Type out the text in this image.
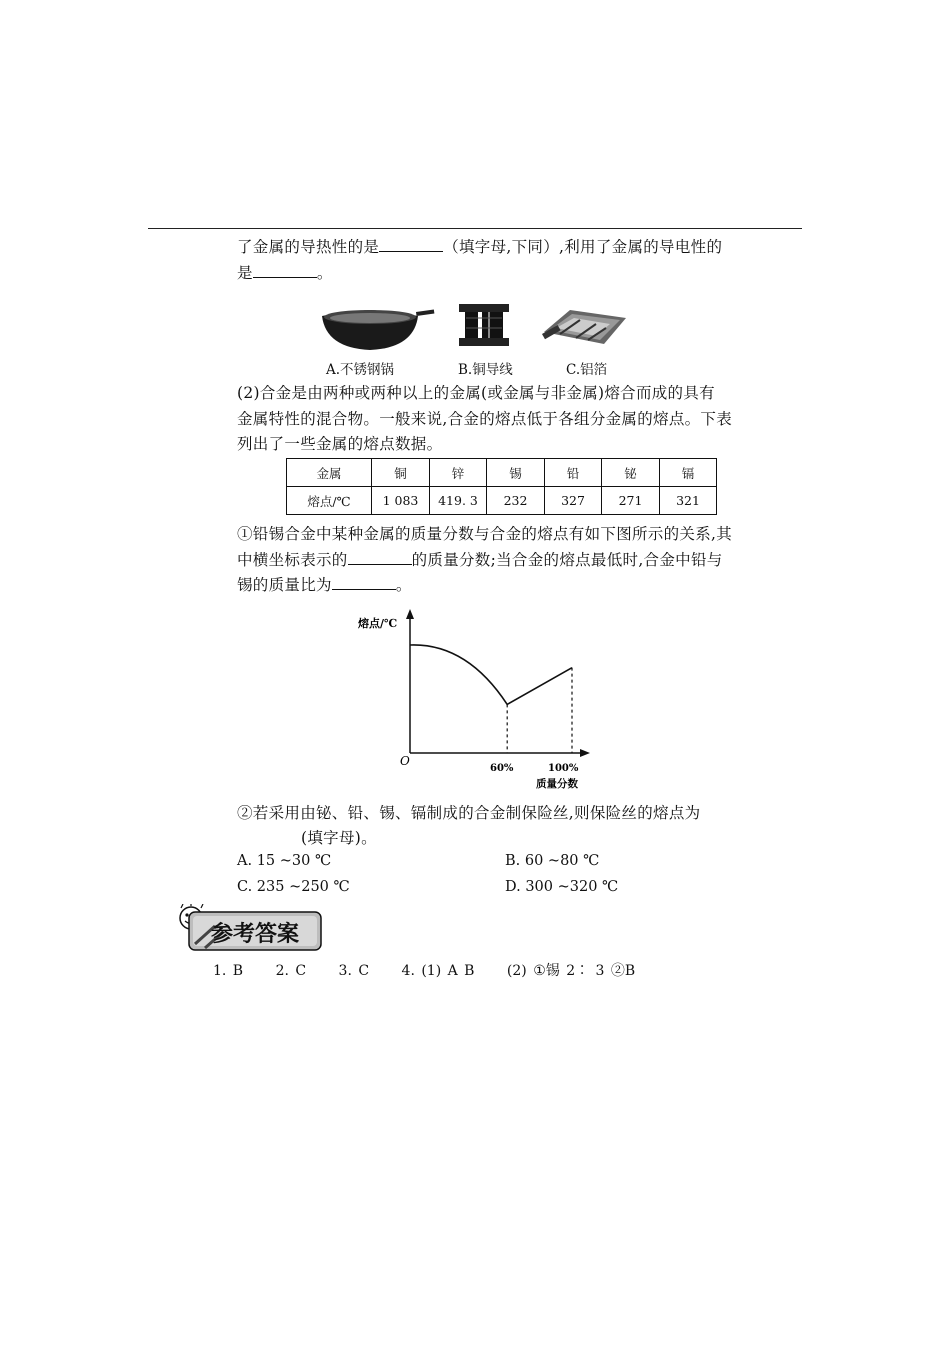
了金属的导热性的是	（填字母,下同）,利用了金属的导电性的
是	。
A.不锈钢锅	B.铜导线	C.铝箔
(2)合金是由两种或两种以上的金属(或金属与非金属)熔合而成的具有
金属特性的混合物。一般来说,合金的熔点低于各组分金属的熔点。下表
列出了一些金属的熔点数据。
金属	铜	锌	锡	铅	铋	镉
熔点/℃	1 083	419. 3	232	327	271	321
①铅锡合金中某种金属的质量分数与合金的熔点有如下图所示的关系,其
中横坐标表示的	的质量分数;当合金的熔点最低时,合金中铅与
锡的质量比为	。
熔点/℃
O
60%	100%
质量分数
②若采用由铋、铅、锡、镉制成的合金制保险丝,则保险丝的熔点为
(填字母)。
A. 15 ~30 ℃	B. 60 ~80 ℃
C. 235 ~250 ℃	D. 300 ~320 ℃
参考答案
1. B 2. C 3. C 4. (1) A B (2) ①锡 2∶ 3 ②B
